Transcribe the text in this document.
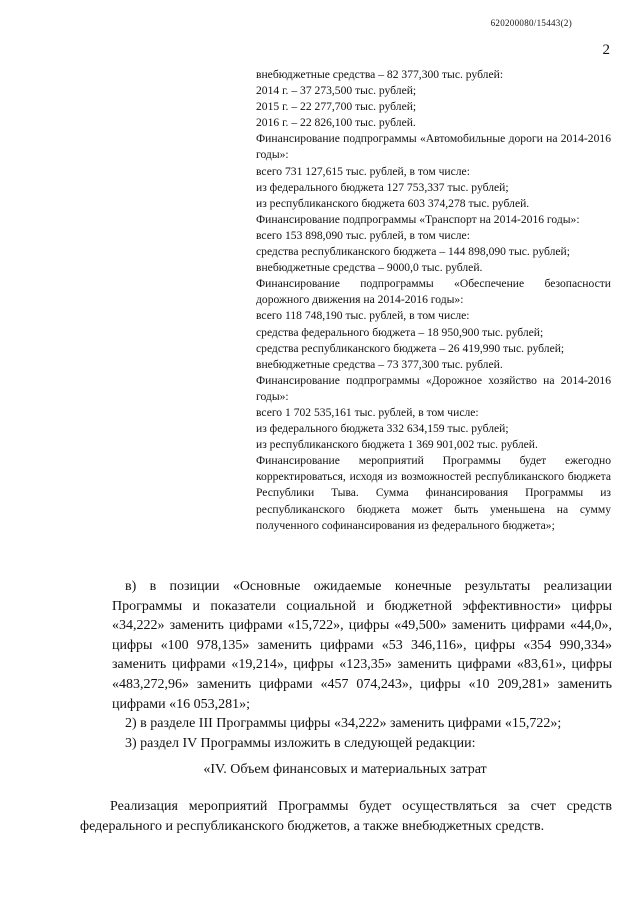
620200080/15443(2)
2

внебюджетные средства – 82 377,300 тыс. рублей:

2014 г. – 37 273,500 тыс. рублей;

2015 г. – 22 277,700 тыс. рублей;

2016 г. – 22 826,100 тыс. рублей.

Финансирование подпрограммы «Автомобильные дороги на 2014-2016 годы»:

всего 731 127,615 тыс. рублей, в том числе:

из федерального бюджета 127 753,337 тыс. рублей;

из республиканского бюджета 603 374,278 тыс. рублей.

Финансирование подпрограммы «Транспорт на 2014-2016 годы»:

всего 153 898,090 тыс. рублей, в том числе:

средства республиканского бюджета – 144 898,090 тыс. рублей;

внебюджетные средства – 9000,0 тыс. рублей.

Финансирование подпрограммы «Обеспечение безопасности дорожного движения на 2014-2016 годы»:

всего 118 748,190 тыс. рублей, в том числе:

средства федерального бюджета – 18 950,900 тыс. рублей;

средства республиканского бюджета – 26 419,990 тыс. рублей;

внебюджетные средства – 73 377,300 тыс. рублей.

Финансирование подпрограммы «Дорожное хозяйство на 2014-2016 годы»:

всего 1 702 535,161 тыс. рублей, в том числе:

из федерального бюджета 332 634,159 тыс. рублей;

из республиканского бюджета 1 369 901,002 тыс. рублей.

Финансирование мероприятий Программы будет ежегодно корректироваться, исходя из возможностей республиканского бюджета Республики Тыва. Сумма финансирования Программы из республиканского бюджета может быть уменьшена на сумму полученного софинансирования из федерального бюджета»;

в) в позиции «Основные ожидаемые конечные результаты реализации Программы и показатели социальной и бюджетной эффективности» цифры «34,222» заменить цифрами «15,722», цифры «49,500» заменить цифрами «44,0», цифры «100 978,135» заменить цифрами «53 346,116», цифры «354 990,334» заменить цифрами «19,214», цифры «123,35» заменить цифрами «83,61», цифры «483,272,96» заменить цифрами «457 074,243», цифры «10 209,281» заменить цифрами «16 053,281»;

2) в разделе III Программы цифры «34,222» заменить цифрами «15,722»;

3) раздел IV Программы изложить в следующей редакции:

«IV. Объем финансовых и материальных затрат

Реализация мероприятий Программы будет осуществляться за счет средств федерального и республиканского бюджетов, а также внебюджетных средств.
